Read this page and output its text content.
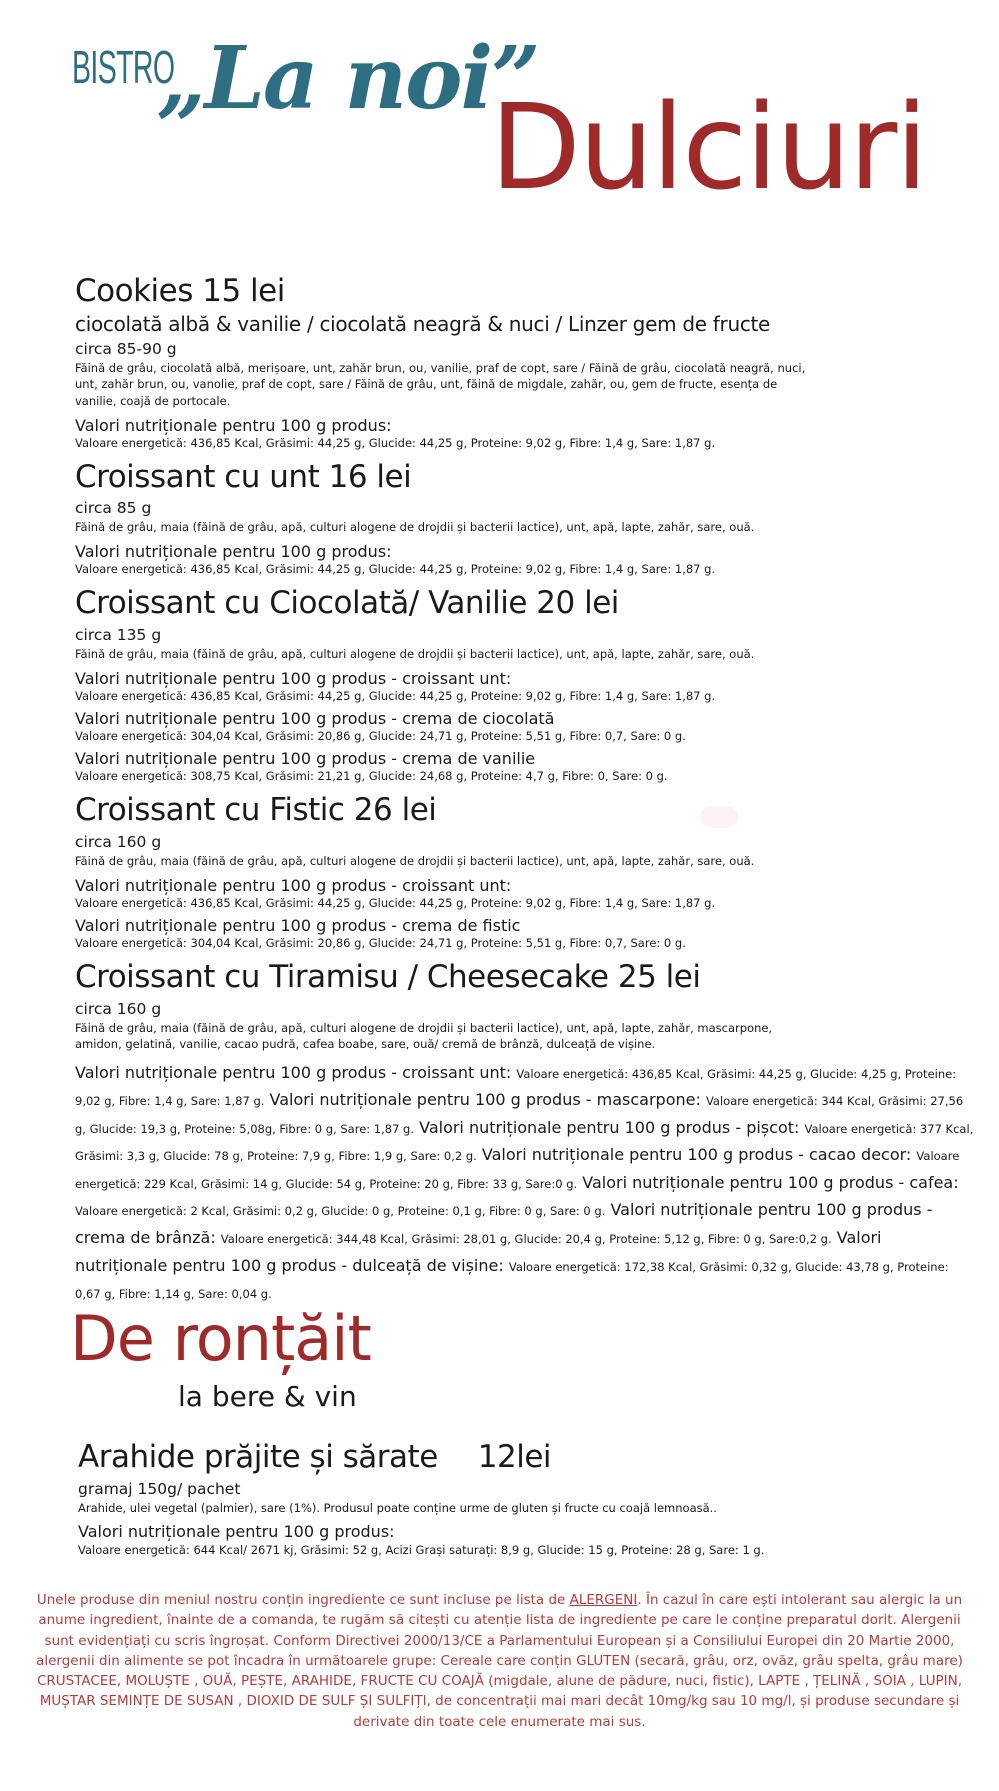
BISTRO
„La noi”
Dulciuri
Cookies 15 lei

ciocolată albă & vanilie / ciocolată neagră & nuci / Linzer gem de fructe

circa 85-90 g

Făină de grâu, ciocolată albă, merișoare, unt, zahăr brun, ou, vanilie, praf de copt, sare / Făină de grâu, ciocolată neagră, nuci, unt, zahăr brun, ou, vanolie, praf de copt, sare / Făină de grâu, unt, făină de migdale, zahăr, ou, gem de fructe, esența de vanilie, coajă de portocale.

Valori nutriționale pentru 100 g produs:

Valoare energetică: 436,85 Kcal, Grăsimi: 44,25 g, Glucide: 44,25 g, Proteine: 9,02 g, Fibre: 1,4 g, Sare: 1,87 g.

Croissant cu unt 16 lei

circa 85 g

Făină de grâu, maia (făină de grâu, apă, culturi alogene de drojdii și bacterii lactice), unt, apă, lapte, zahăr, sare, ouă.

Valori nutriționale pentru 100 g produs:

Valoare energetică: 436,85 Kcal, Grăsimi: 44,25 g, Glucide: 44,25 g, Proteine: 9,02 g, Fibre: 1,4 g, Sare: 1,87 g.

Croissant cu Ciocolată/ Vanilie 20 lei

circa 135 g

Făină de grâu, maia (făină de grâu, apă, culturi alogene de drojdii și bacterii lactice), unt, apă, lapte, zahăr, sare, ouă.

Valori nutriționale pentru 100 g produs - croissant unt:

Valoare energetică: 436,85 Kcal, Grăsimi: 44,25 g, Glucide: 44,25 g, Proteine: 9,02 g, Fibre: 1,4 g, Sare: 1,87 g.

Valori nutriționale pentru 100 g produs - crema de ciocolată

Valoare energetică: 304,04 Kcal, Grăsimi: 20,86 g, Glucide: 24,71 g, Proteine: 5,51 g, Fibre: 0,7, Sare: 0 g.

Valori nutriționale pentru 100 g produs - crema de vanilie

Valoare energetică: 308,75 Kcal, Grăsimi: 21,21 g, Glucide: 24,68 g, Proteine: 4,7 g, Fibre: 0, Sare: 0 g.

Croissant cu Fistic 26 lei

circa 160 g

Făină de grâu, maia (făină de grâu, apă, culturi alogene de drojdii și bacterii lactice), unt, apă, lapte, zahăr, sare, ouă.

Valori nutriționale pentru 100 g produs - croissant unt:

Valoare energetică: 436,85 Kcal, Grăsimi: 44,25 g, Glucide: 44,25 g, Proteine: 9,02 g, Fibre: 1,4 g, Sare: 1,87 g.

Valori nutriționale pentru 100 g produs - crema de fistic

Valoare energetică: 304,04 Kcal, Grăsimi: 20,86 g, Glucide: 24,71 g, Proteine: 5,51 g, Fibre: 0,7, Sare: 0 g.

Croissant cu Tiramisu / Cheesecake 25 lei

circa 160 g

Făină de grâu, maia (făină de grâu, apă, culturi alogene de drojdii și bacterii lactice), unt, apă, lapte, zahăr, mascarpone, amidon, gelatină, vanilie, cacao pudră, cafea boabe, sare, ouă/ cremă de brânză, dulceață de vișine.

Valori nutriționale pentru 100 g produs - croissant unt: Valoare energetică: 436,85 Kcal, Grăsimi: 44,25 g, Glucide: 4,25 g, Proteine: 9,02 g, Fibre: 1,4 g, Sare: 1,87 g. Valori nutriționale pentru 100 g produs - mascarpone: Valoare energetică: 344 Kcal, Grăsimi: 27,56 g, Glucide: 19,3 g, Proteine: 5,08g, Fibre: 0 g, Sare: 1,87 g. Valori nutriționale pentru 100 g produs - pișcot: Valoare energetică: 377 Kcal, Grăsimi: 3,3 g, Glucide: 78 g, Proteine: 7,9 g, Fibre: 1,9 g, Sare: 0,2 g. Valori nutriționale pentru 100 g produs - cacao decor: Valoare energetică: 229 Kcal, Grăsimi: 14 g, Glucide: 54 g, Proteine: 20 g, Fibre: 33 g, Sare:0 g. Valori nutriționale pentru 100 g produs - cafea: Valoare energetică: 2 Kcal, Grăsimi: 0,2 g, Glucide: 0 g, Proteine: 0,1 g, Fibre: 0 g, Sare: 0 g. Valori nutriționale pentru 100 g produs - crema de brânză: Valoare energetică: 344,48 Kcal, Grăsimi: 28,01 g, Glucide: 20,4 g, Proteine: 5,12 g, Fibre: 0 g, Sare:0,2 g. Valori nutriționale pentru 100 g produs - dulceață de vișine: Valoare energetică: 172,38 Kcal, Grăsimi: 0,32 g, Glucide: 43,78 g, Proteine: 0,67 g, Fibre: 1,14 g, Sare: 0,04 g.

De ronțăit

la bere & vin

Arahide prăjite și sărate 12lei

gramaj 150g/ pachet

Arahide, ulei vegetal (palmier), sare (1%). Produsul poate conține urme de gluten și fructe cu coajă lemnoasă..

Valori nutriționale pentru 100 g produs:

Valoare energetică: 644 Kcal/ 2671 kj, Grăsimi: 52 g, Acizi Grași saturați: 8,9 g, Glucide: 15 g, Proteine: 28 g, Sare: 1 g.

Unele produse din meniul nostru conțin ingrediente ce sunt incluse pe lista de ALERGENI. În cazul în care ești intolerant sau alergic la un anume ingredient, înainte de a comanda, te rugăm să citești cu atenție lista de ingrediente pe care le conține preparatul dorit. Alergenii sunt evidențiați cu scris îngroșat. Conform Directivei 2000/13/CE a Parlamentului European și a Consiliului Europei din 20 Martie 2000, alergenii din alimente se pot încadra în următoarele grupe: Cereale care conțin GLUTEN (secară, grâu, orz, ovăz, grâu spelta, grâu mare) CRUSTACEE, MOLUȘTE , OUĂ, PEȘTE, ARAHIDE, FRUCTE CU COAJĂ (migdale, alune de pădure, nuci, fistic), LAPTE , ȚELINĂ , SOIA , LUPIN, MUȘTAR SEMINȚE DE SUSAN , DIOXID DE SULF ȘI SULFIȚI, de concentrații mai mari decât 10mg/kg sau 10 mg/l, și produse secundare și derivate din toate cele enumerate mai sus.
